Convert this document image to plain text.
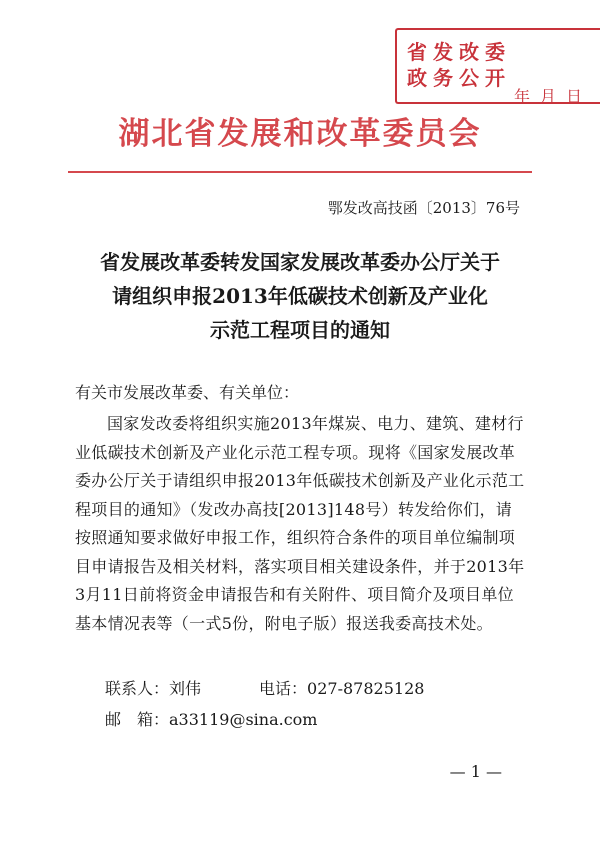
省发改委
政务公开
年月日
湖北省发展和改革委员会
鄂发改高技函〔2013〕76号
省发展改革委转发国家发展改革委办公厅关于
请组织申报2013年低碳技术创新及产业化
示范工程项目的通知
有关市发展改革委、有关单位：

国家发改委将组织实施2013年煤炭、电力、建筑、建材行业低碳技术创新及产业化示范工程专项。现将《国家发展改革委办公厅关于请组织申报2013年低碳技术创新及产业化示范工程项目的通知》（发改办高技[2013]148号）转发给你们，请按照通知要求做好申报工作，组织符合条件的项目单位编制项目申请报告及相关材料，落实项目相关建设条件，并于2013年3月11日前将资金申请报告和有关附件、项目简介及项目单位基本情况表等（一式5份，附电子版）报送我委高技术处。

联系人：刘伟	电话：027-87825128
邮　箱：a33119@sina.com
— 1 —
